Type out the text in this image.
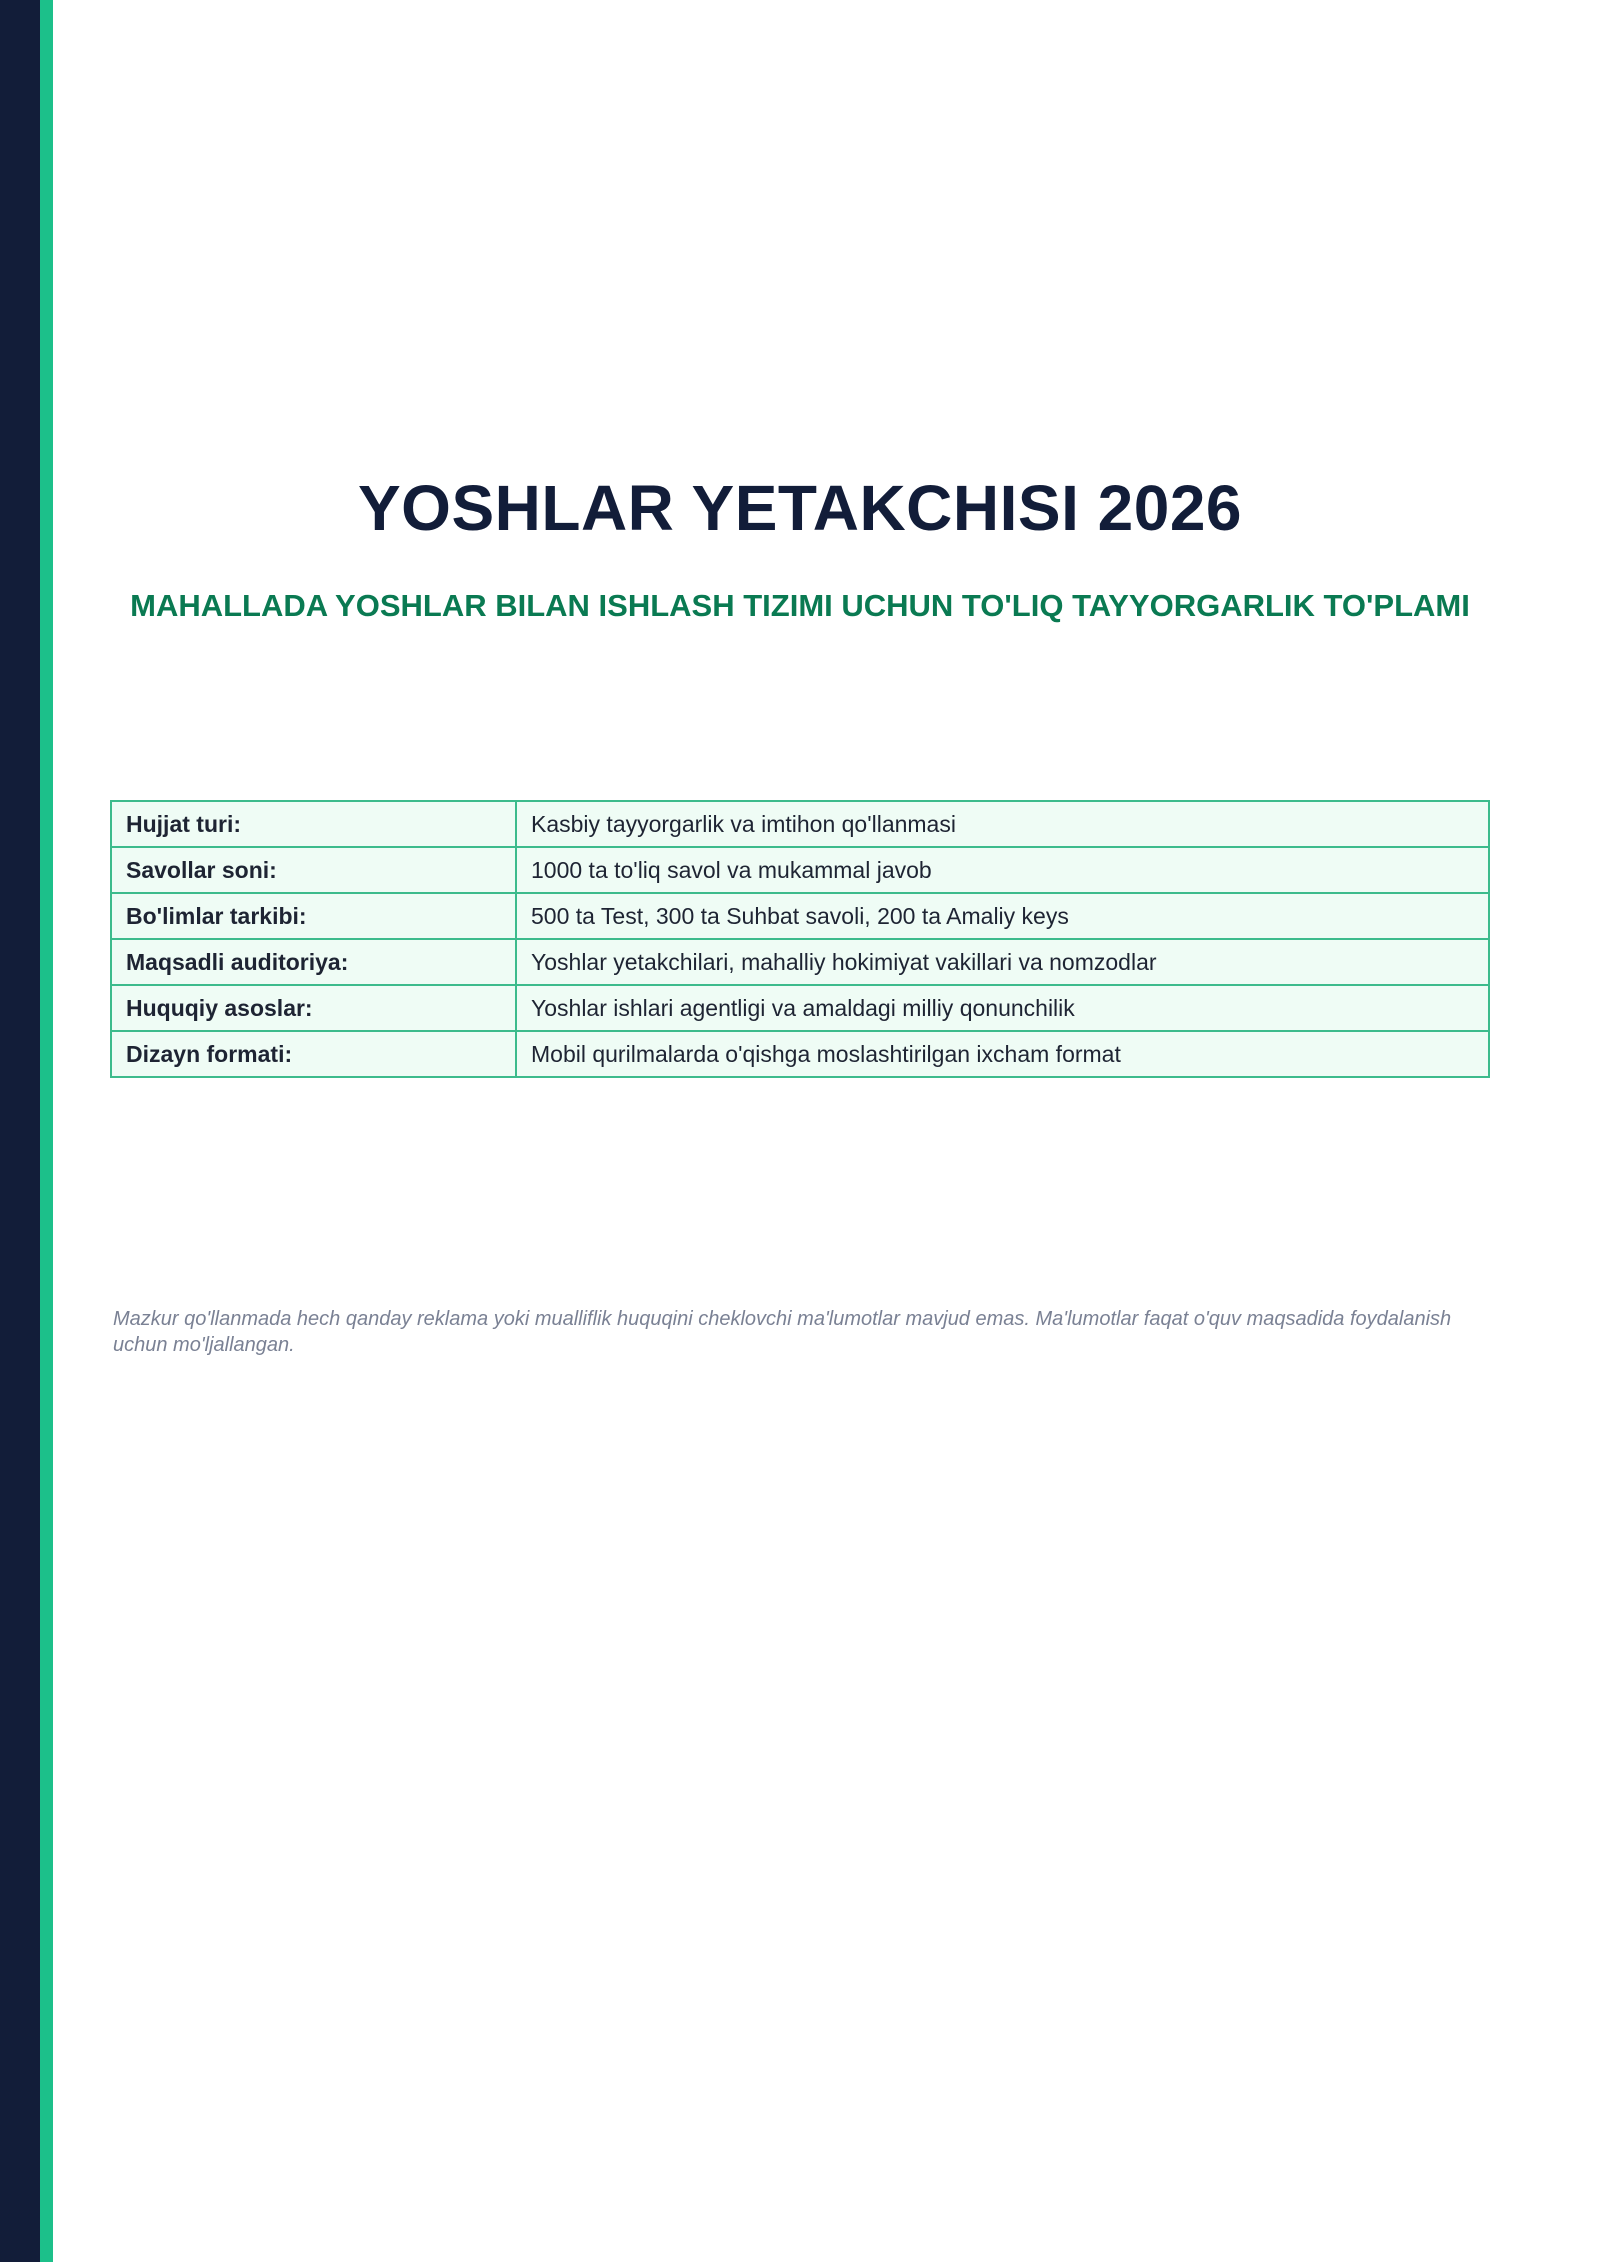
YOSHLAR YETAKCHISI 2026
MAHALLADA YOSHLAR BILAN ISHLASH TIZIMI UCHUN TO'LIQ TAYYORGARLIK TO'PLAMI
Hujjat turi:	Kasbiy tayyorgarlik va imtihon qo'llanmasi
Savollar soni:	1000 ta to'liq savol va mukammal javob
Bo'limlar tarkibi:	500 ta Test, 300 ta Suhbat savoli, 200 ta Amaliy keys
Maqsadli auditoriya:	Yoshlar yetakchilari, mahalliy hokimiyat vakillari va nomzodlar
Huquqiy asoslar:	Yoshlar ishlari agentligi va amaldagi milliy qonunchilik
Dizayn formati:	Mobil qurilmalarda o'qishga moslashtirilgan ixcham format

Mazkur qo'llanmada hech qanday reklama yoki mualliflik huquqini cheklovchi ma'lumotlar mavjud emas. Ma'lumotlar faqat o'quv maqsadida foydalanish uchun mo'ljallangan.
